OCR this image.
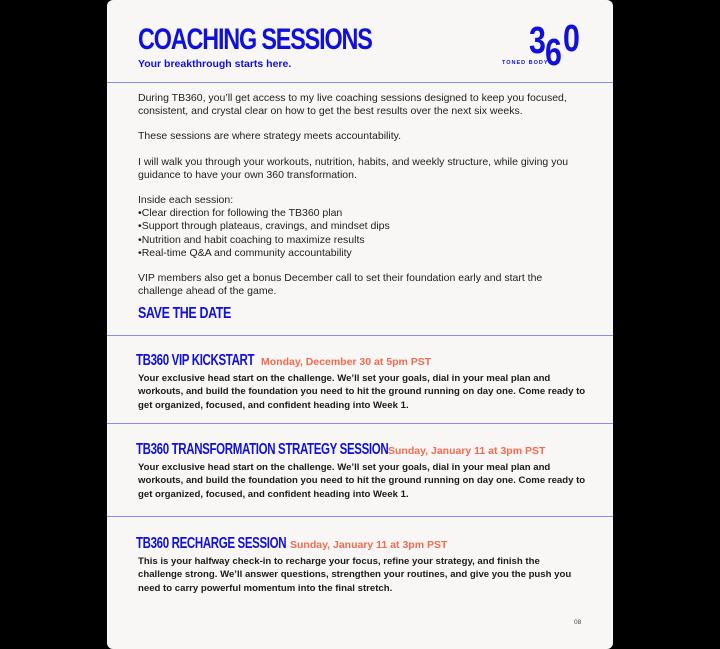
COACHING SESSIONS
Your breakthrough starts here.
3 6 0
TONED BODY

During TB360, you’ll get access to my live coaching sessions designed to keep you focused, consistent, and crystal clear on how to get the best results over the next six weeks.

These sessions are where strategy meets accountability.

I will walk you through your workouts, nutrition, habits, and weekly structure, while giving you guidance to have your own 360 transformation.

Inside each session:
• Clear direction for following the TB360 plan
• Support through plateaus, cravings, and mindset dips
• Nutrition and habit coaching to maximize results
• Real-time Q&A and community accountability

VIP members also get a bonus December call to set their foundation early and start the challenge ahead of the game.

SAVE THE DATE
TB360 VIP KICKSTART Monday, December 30 at 5pm PST
Your exclusive head start on the challenge. We’ll set your goals, dial in your meal plan and workouts, and build the foundation you need to hit the ground running on day one. Come ready to get organized, focused, and confident heading into Week 1.
TB360 TRANSFORMATION STRATEGY SESSION Sunday, January 11 at 3pm PST
Your exclusive head start on the challenge. We’ll set your goals, dial in your meal plan and workouts, and build the foundation you need to hit the ground running on day one. Come ready to get organized, focused, and confident heading into Week 1.
TB360 RECHARGE SESSION Sunday, January 11 at 3pm PST
This is your halfway check-in to recharge your focus, refine your strategy, and finish the challenge strong. We’ll answer questions, strengthen your routines, and give you the push you need to carry powerful momentum into the final stretch.
08
